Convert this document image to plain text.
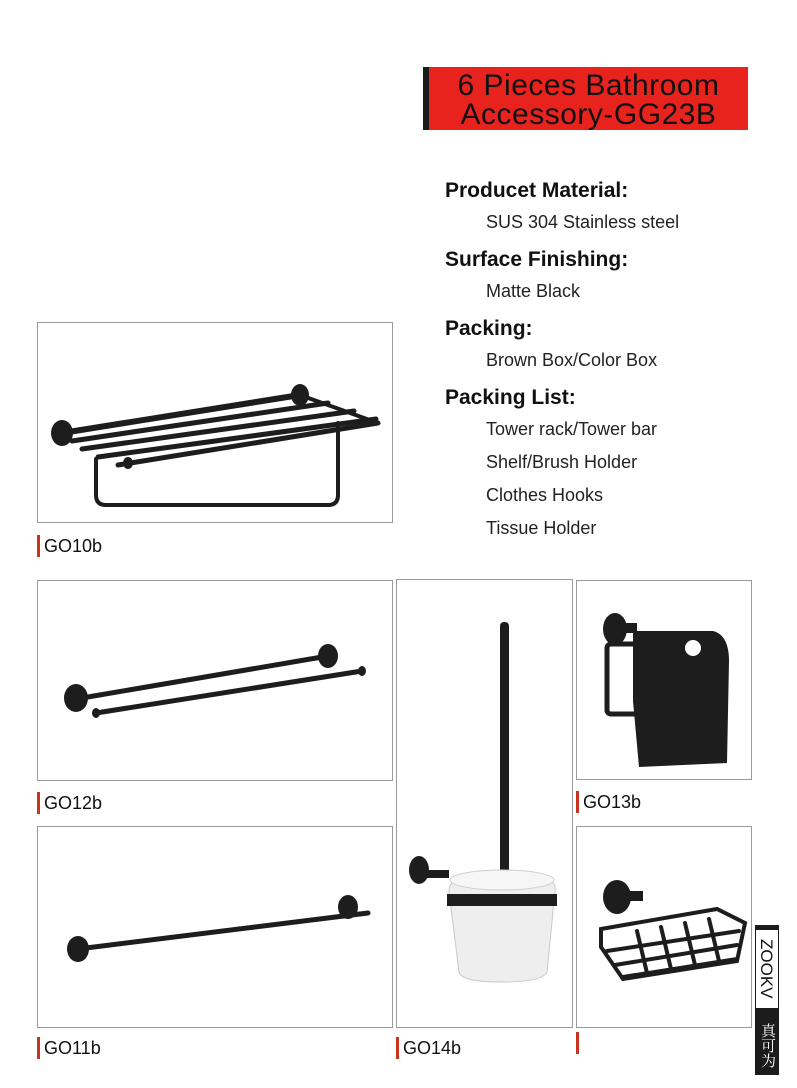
6 Pieces Bathroom
Accessory-GG23B

Producet Material:

SUS 304 Stainless steel

Surface Finishing:

Matte Black

Packing:

Brown Box/Color Box

Packing List:

Tower rack/Tower bar

Shelf/Brush Holder

Clothes Hooks

Tissue Holder

GO10b
GO12b
GO11b	GO14b
GO13b
ZOOKV
真可为
